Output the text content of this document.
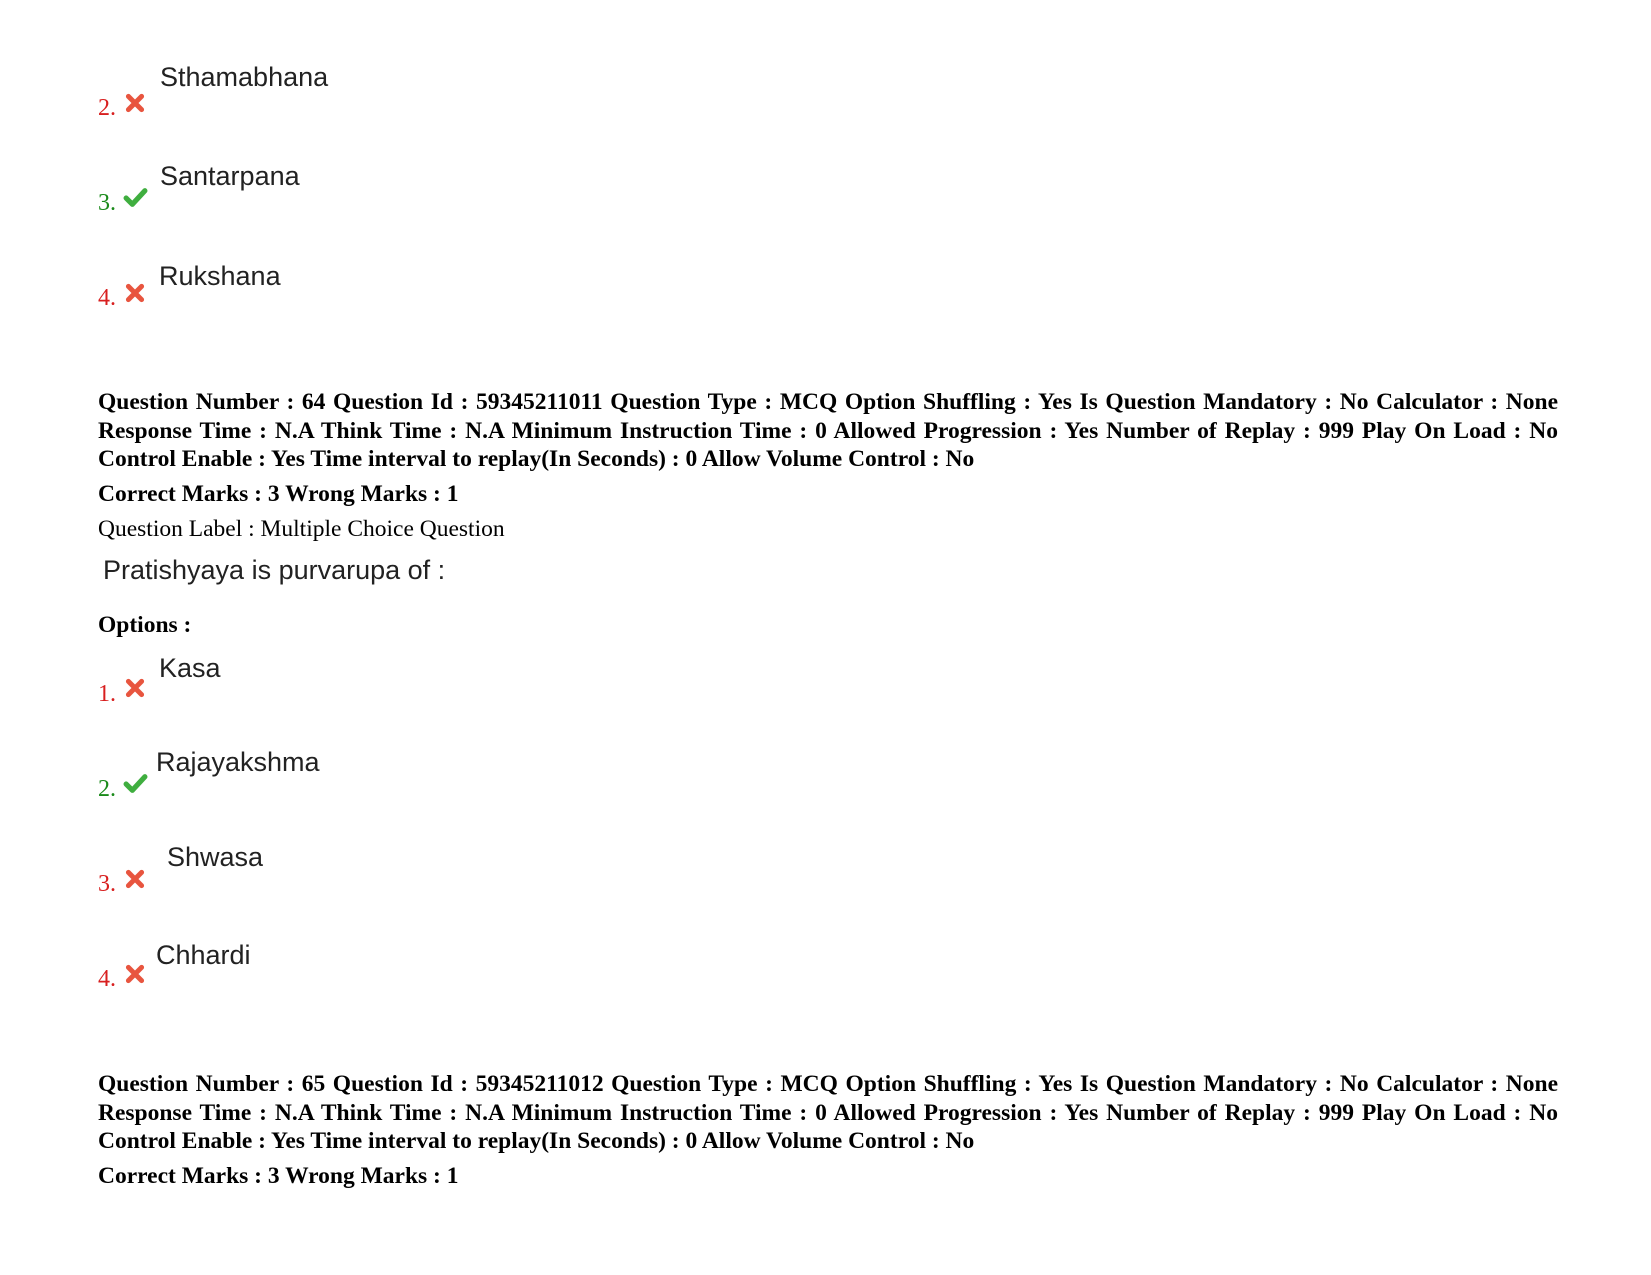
2.
Sthamabhana
3.
Santarpana
4.
Rukshana
Question Number : 64 Question Id : 59345211011 Question Type : MCQ Option Shuffling : Yes Is Question Mandatory : No Calculator : None Response Time : N.A Think Time : N.A Minimum Instruction Time : 0 Allowed Progression : Yes Number of Replay : 999 Play On Load : No Control Enable : Yes Time interval to replay(In Seconds) : 0 Allow Volume Control : No
Correct Marks : 3 Wrong Marks : 1
Question Label : Multiple Choice Question
Pratishyaya is purvarupa of :
Options :
1.
Kasa
2.
Rajayakshma
3.
Shwasa
4.
Chhardi
Question Number : 65 Question Id : 59345211012 Question Type : MCQ Option Shuffling : Yes Is Question Mandatory : No Calculator : None Response Time : N.A Think Time : N.A Minimum Instruction Time : 0 Allowed Progression : Yes Number of Replay : 999 Play On Load : No Control Enable : Yes Time interval to replay(In Seconds) : 0 Allow Volume Control : No
Correct Marks : 3 Wrong Marks : 1
